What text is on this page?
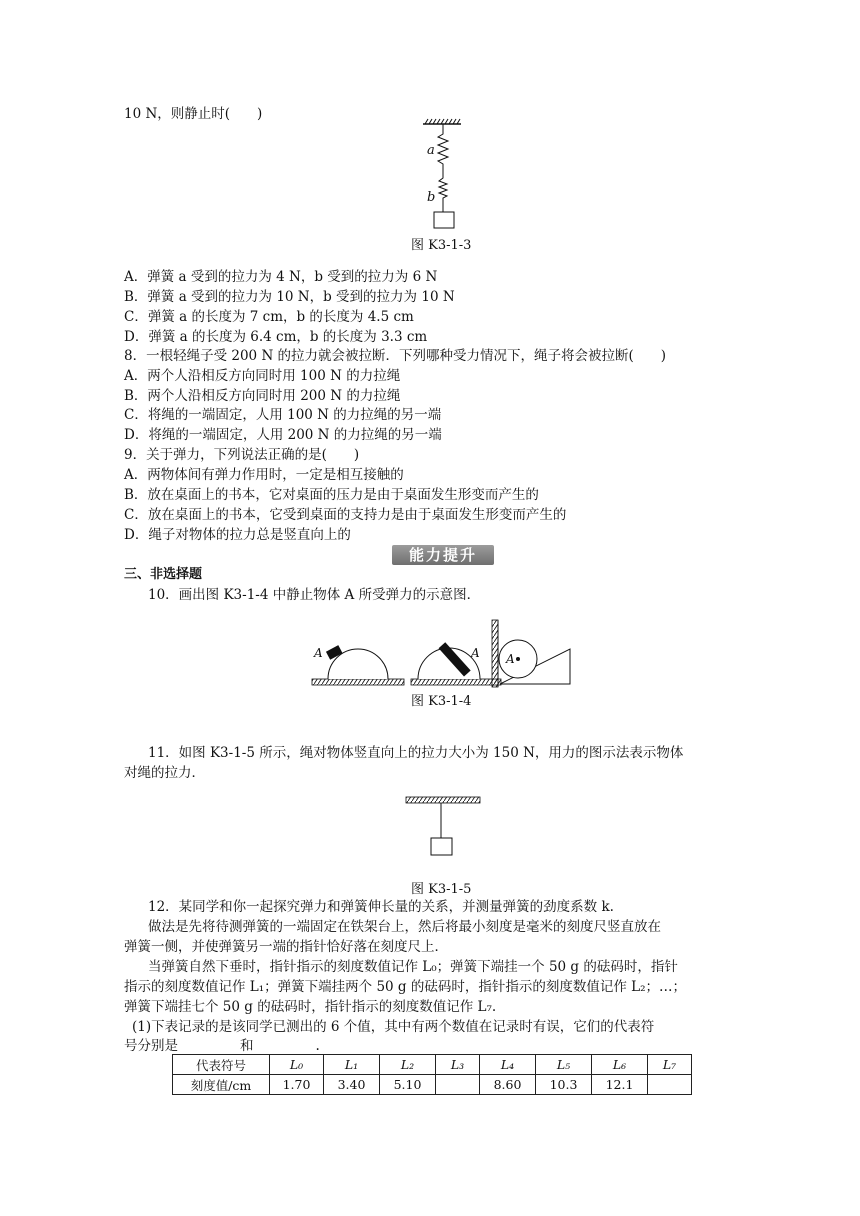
10 N，则静止时(　　)
a
b
图 K3-1-3
A．弹簧 a 受到的拉力为 4 N，b 受到的拉力为 6 N
B．弹簧 a 受到的拉力为 10 N，b 受到的拉力为 10 N
C．弹簧 a 的长度为 7 cm，b 的长度为 4.5 cm
D．弹簧 a 的长度为 6.4 cm，b 的长度为 3.3 cm
8．一根轻绳子受 200 N 的拉力就会被拉断．下列哪种受力情况下，绳子将会被拉断(　　)
A．两个人沿相反方向同时用 100 N 的力拉绳
B．两个人沿相反方向同时用 200 N 的力拉绳
C．将绳的一端固定，人用 100 N 的力拉绳的另一端
D．将绳的一端固定，人用 200 N 的力拉绳的另一端
9．关于弹力，下列说法正确的是(　　)
A．两物体间有弹力作用时，一定是相互接触的
B．放在桌面上的书本，它对桌面的压力是由于桌面发生形变而产生的
C．放在桌面上的书本，它受到桌面的支持力是由于桌面发生形变而产生的
D．绳子对物体的拉力总是竖直向上的
能力提升
三、非选择题
10．画出图 K3-1-4 中静止物体 A 所受弹力的示意图．
A	A A
图 K3-1-4
11．如图 K3-1-5 所示，绳对物体竖直向上的拉力大小为 150 N，用力的图示法表示物体
对绳的拉力．
图 K3-1-5
12．某同学和你一起探究弹力和弹簧伸长量的关系，并测量弹簧的劲度系数 k.
做法是先将待测弹簧的一端固定在铁架台上，然后将最小刻度是毫米的刻度尺竖直放在
弹簧一侧，并使弹簧另一端的指针恰好落在刻度尺上．
当弹簧自然下垂时，指针指示的刻度数值记作 L₀；弹簧下端挂一个 50 g 的砝码时，指针
指示的刻度数值记作 L₁；弹簧下端挂两个 50 g 的砝码时，指针指示的刻度数值记作 L₂；…；
弹簧下端挂七个 50 g 的砝码时，指针指示的刻度数值记作 L₇.
(1)下表记录的是该同学已测出的 6 个值，其中有两个数值在记录时有误，它们的代表符
号分别是	和	.
代表符号	L₀	L₁	L₂	L₃	L₄	L₅	L₆	L₇
刻度值/cm	1.70	3.40	5.10		8.60	10.3	12.1	
